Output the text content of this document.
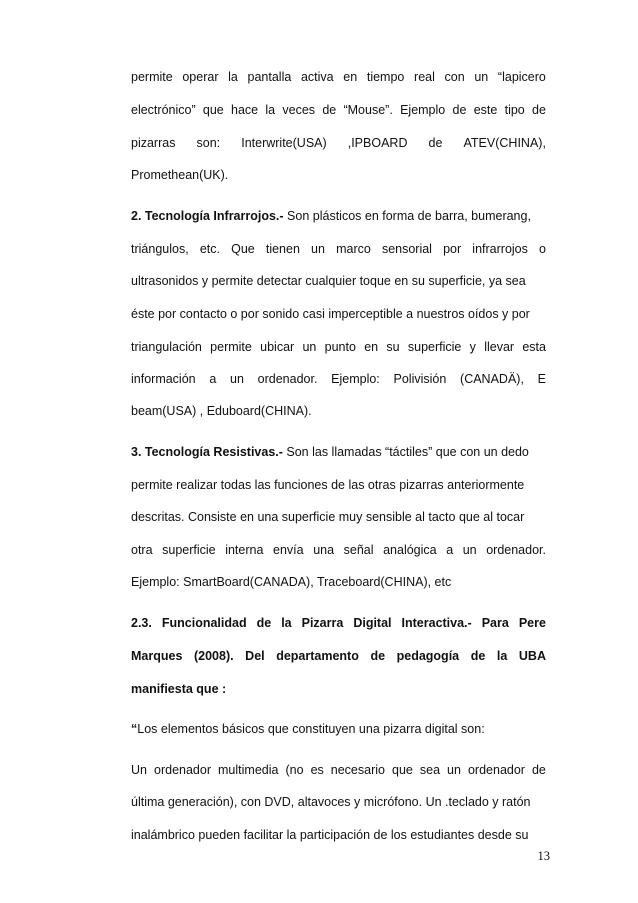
permite operar la pantalla activa en tiempo real con un “lapicero
electrónico” que hace la veces de “Mouse”. Ejemplo de este tipo de
pizarras son: Interwrite(USA) ,IPBOARD de ATEV(CHINA),
Promethean(UK).
2. Tecnología Infrarrojos.- Son plásticos en forma de barra, bumerang,
triángulos, etc. Que tienen un marco sensorial por infrarrojos o
ultrasonidos y permite detectar cualquier toque en su superficie, ya sea
éste por contacto o por sonido casi imperceptible a nuestros oídos y por
triangulación permite ubicar un punto en su superficie y llevar esta
información a un ordenador. Ejemplo: Polivisión (CANADÄ), E
beam(USA) , Eduboard(CHINA).
3. Tecnología Resistivas.- Son las llamadas “táctiles” que con un dedo
permite realizar todas las funciones de las otras pizarras anteriormente
descritas. Consiste en una superficie muy sensible al tacto que al tocar
otra superficie interna envía una señal analógica a un ordenador.
Ejemplo: SmartBoard(CANADA), Traceboard(CHINA), etc
2.3. Funcionalidad de la Pizarra Digital Interactiva.- Para Pere
Marques (2008). Del departamento de pedagogía de la UBA
manifiesta que :
“Los elementos básicos que constituyen una pizarra digital son:
Un ordenador multimedia (no es necesario que sea un ordenador de
última generación), con DVD, altavoces y micrófono. Un .teclado y ratón
inalámbrico pueden facilitar la participación de los estudiantes desde su
13
